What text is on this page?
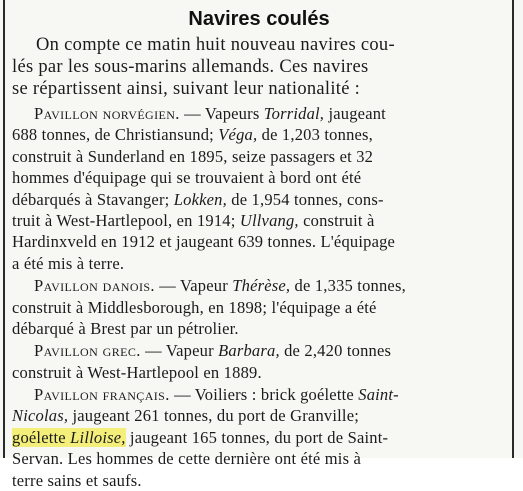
Navires coulés
On compte ce matin huit nouveau navires cou-
lés par les sous-marins allemands. Ces navires
se répartissent ainsi, suivant leur nationalité :
Pavillon norvégien. — Vapeurs Torridal, jaugeant
688 tonnes, de Christiansund; Véga, de 1,203 tonnes,
construit à Sunderland en 1895, seize passagers et 32
hommes d'équipage qui se trouvaient à bord ont été
débarqués à Stavanger; Lokken, de 1,954 tonnes, cons-
truit à West-Hartlepool, en 1914; Ullvang, construit à
Hardinxveld en 1912 et jaugeant 639 tonnes. L'équipage
a été mis à terre.
Pavillon danois. — Vapeur Thérèse, de 1,335 tonnes,
construit à Middlesborough, en 1898; l'équipage a été
débarqué à Brest par un pétrolier.
Pavillon grec. — Vapeur Barbara, de 2,420 tonnes
construit à West-Hartlepool en 1889.
Pavillon français. — Voiliers : brick goélette Saint-
Nicolas, jaugeant 261 tonnes, du port de Granville;
goélette Lilloise, jaugeant 165 tonnes, du port de Saint-
Servan. Les hommes de cette dernière ont été mis à
terre sains et saufs.
